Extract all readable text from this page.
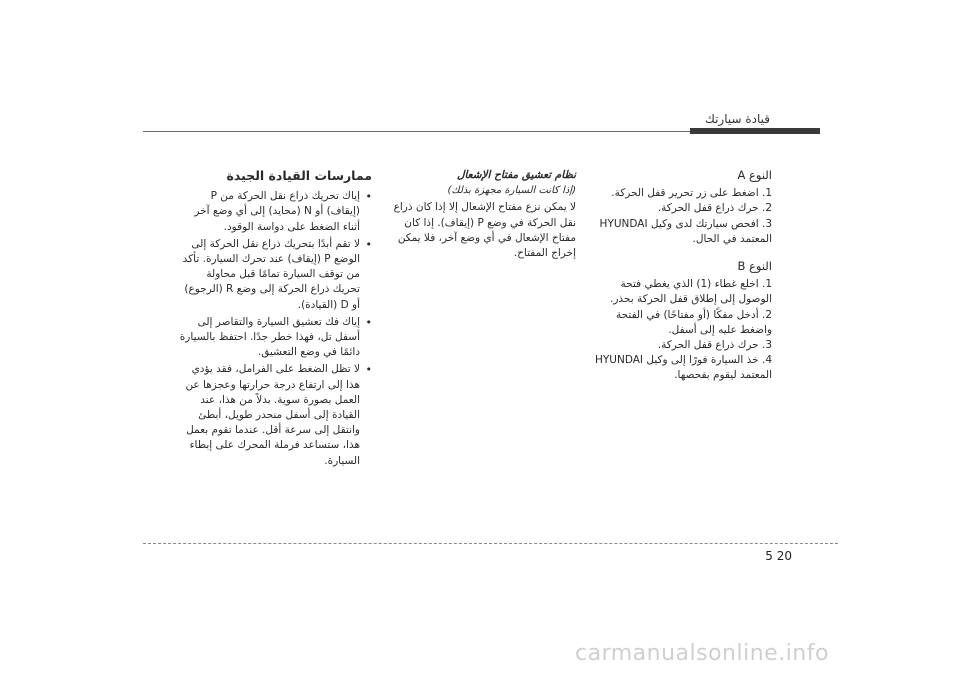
قيادة سيارتك
النوع A
1. اضغط على زر تحرير قفل الحركة.
2. حرك ذراع قفل الحركة.
3. افحص سيارتك لدى وكيل HYUNDAI المعتمد في الحال.
النوع B
1. اخلع غطاء (1) الذي يغطي فتحة الوصول إلى إطلاق قفل الحركة بحذر.
2. أدخل مفكًا (أو مفتاحًا) في الفتحة واضغط عليه إلى أسفل.
3. حرك ذراع قفل الحركة.
4. خذ السيارة فورًا إلى وكيل HYUNDAI المعتمد ليقوم بفحصها.
نظام تعشيق مفتاح الإشعال
(إذا كانت السيارة مجهزة بذلك)
لا يمكن نزع مفتاح الإشعال إلا إذا كان ذراع نقل الحركة في وضع P (إيقاف). إذا كان مفتاح الإشعال في أي وضع آخر، فلا يمكن إخراج المفتاح.
ممارسات القيادة الجيدة
• إياك تحريك ذراع نقل الحركة من P (إيقاف) أو N (محايد) إلى أي وضع آخر أثناء الضغط على دواسة الوقود.
• لا تقم أبدًا بتحريك ذراع نقل الحركة إلى الوضع P (إيقاف) عند تحرك السيارة. تأكد من توقف السيارة تمامًا قبل محاولة تحريك ذراع الحركة إلى وضع R (الرجوع) أو D (القيادة).
• إياك فك تعشيق السيارة والتقاصر إلى أسفل تل، فهذا خطر جدًا. احتفظ بالسيارة دائمًا في وضع التعشيق.
• لا تظل الضغط على الفرامل، فقد يؤدي هذا إلى ارتفاع درجة حرارتها وعجزها عن العمل بصورة سوية. بدلاً من هذا، عند القيادة إلى أسفل منحدر طويل، أبطئ وانتقل إلى سرعة أقل. عندما تقوم بعمل هذا، ستساعد فرملة المحرك على إبطاء السيارة.
5 20
carmanualsonline.info
